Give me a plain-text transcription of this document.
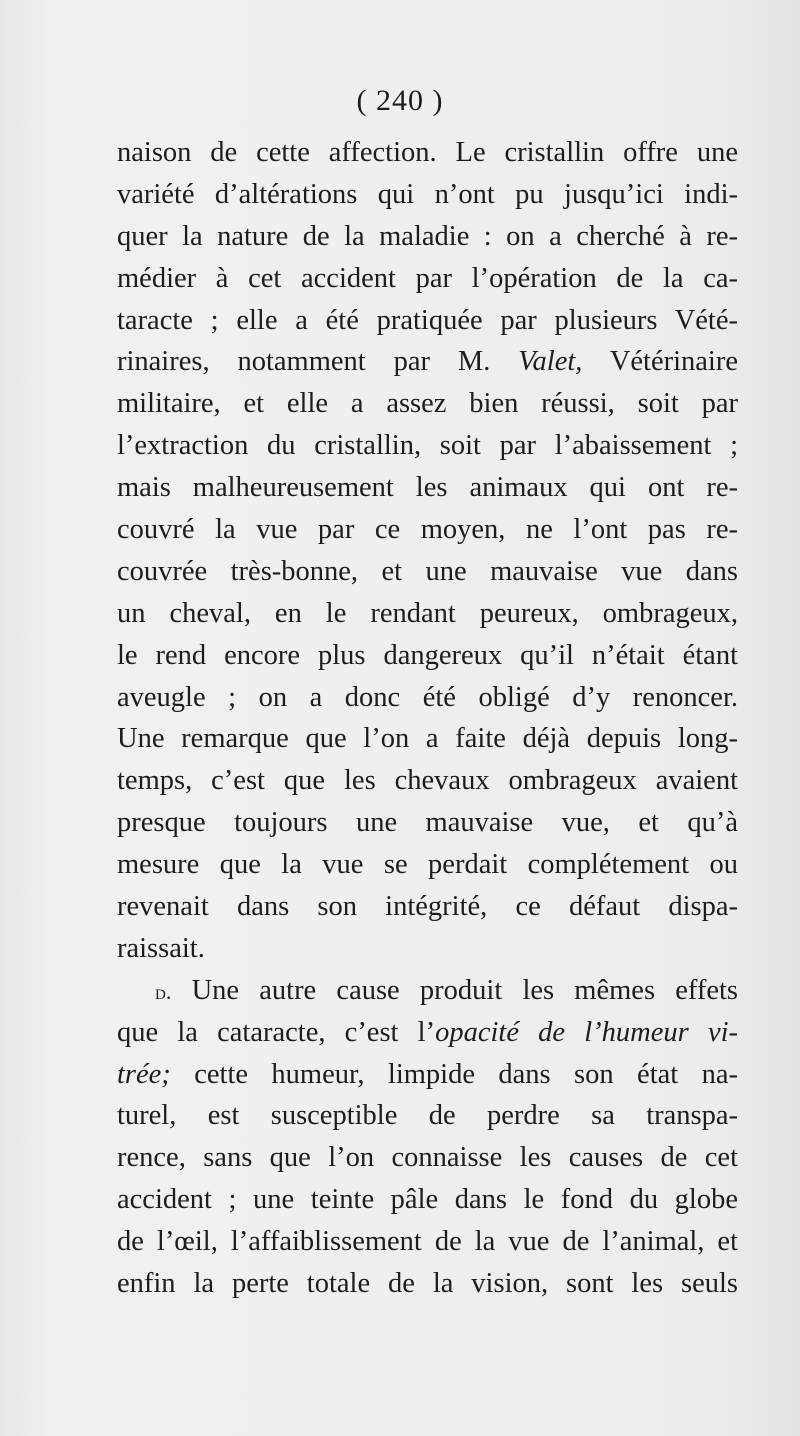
( 240 )
naison de cette affection. Le cristallin offre une
variété d’altérations qui n’ont pu jusqu’ici indi-
quer la nature de la maladie : on a cherché à re-
médier à cet accident par l’opération de la ca-
taracte ; elle a été pratiquée par plusieurs Vété-
rinaires, notamment par M. Valet, Vétérinaire
militaire, et elle a assez bien réussi, soit par
l’extraction du cristallin, soit par l’abaissement ;
mais malheureusement les animaux qui ont re-
couvré la vue par ce moyen, ne l’ont pas re-
couvrée très-bonne, et une mauvaise vue dans
un cheval, en le rendant peureux, ombrageux,
le rend encore plus dangereux qu’il n’était étant
aveugle ; on a donc été obligé d’y renoncer.
Une remarque que l’on a faite déjà depuis long-
temps, c’est que les chevaux ombrageux avaient
presque toujours une mauvaise vue, et qu’à
mesure que la vue se perdait complétement ou
revenait dans son intégrité, ce défaut dispa-
raissait.
d. Une autre cause produit les mêmes effets
que la cataracte, c’est l’opacité de l’humeur vi-
trée; cette humeur, limpide dans son état na-
turel, est susceptible de perdre sa transpa-
rence, sans que l’on connaisse les causes de cet
accident ; une teinte pâle dans le fond du globe
de l’œil, l’affaiblissement de la vue de l’animal, et
enfin la perte totale de la vision, sont les seuls
